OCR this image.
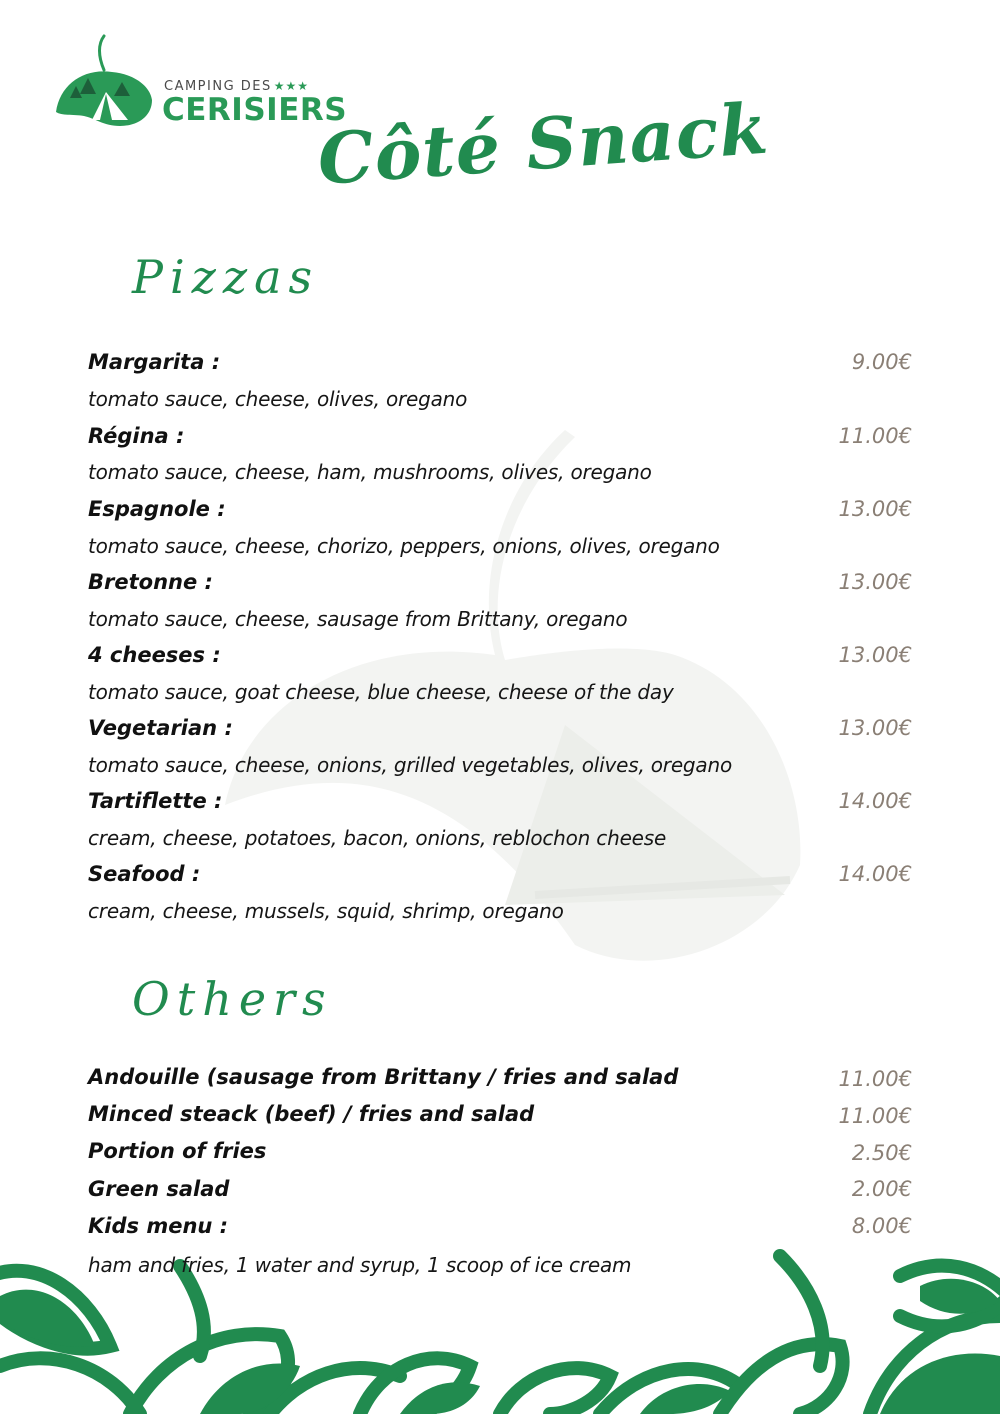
CAMPING DES ★★★
CERISIERS
Côté Snack
Pizzas
Margarita :	9.00€
tomato sauce, cheese, olives, oregano
Régina :	11.00€
tomato sauce, cheese, ham, mushrooms, olives, oregano
Espagnole :	13.00€
tomato sauce, cheese, chorizo, peppers, onions, olives, oregano
Bretonne :	13.00€
tomato sauce, cheese, sausage from Brittany, oregano
4 cheeses :	13.00€
tomato sauce, goat cheese, blue cheese, cheese of the day
Vegetarian :	13.00€
tomato sauce, cheese, onions, grilled vegetables, olives, oregano
Tartiflette :	14.00€
cream, cheese, potatoes, bacon, onions, reblochon cheese
Seafood :	14.00€
cream, cheese, mussels, squid, shrimp, oregano
Others
Andouille (sausage from Brittany / fries and salad	11.00€
Minced steack (beef) / fries and salad	11.00€
Portion of fries	2.50€
Green salad	2.00€
Kids menu :	8.00€
ham and fries, 1 water and syrup, 1 scoop of ice cream
